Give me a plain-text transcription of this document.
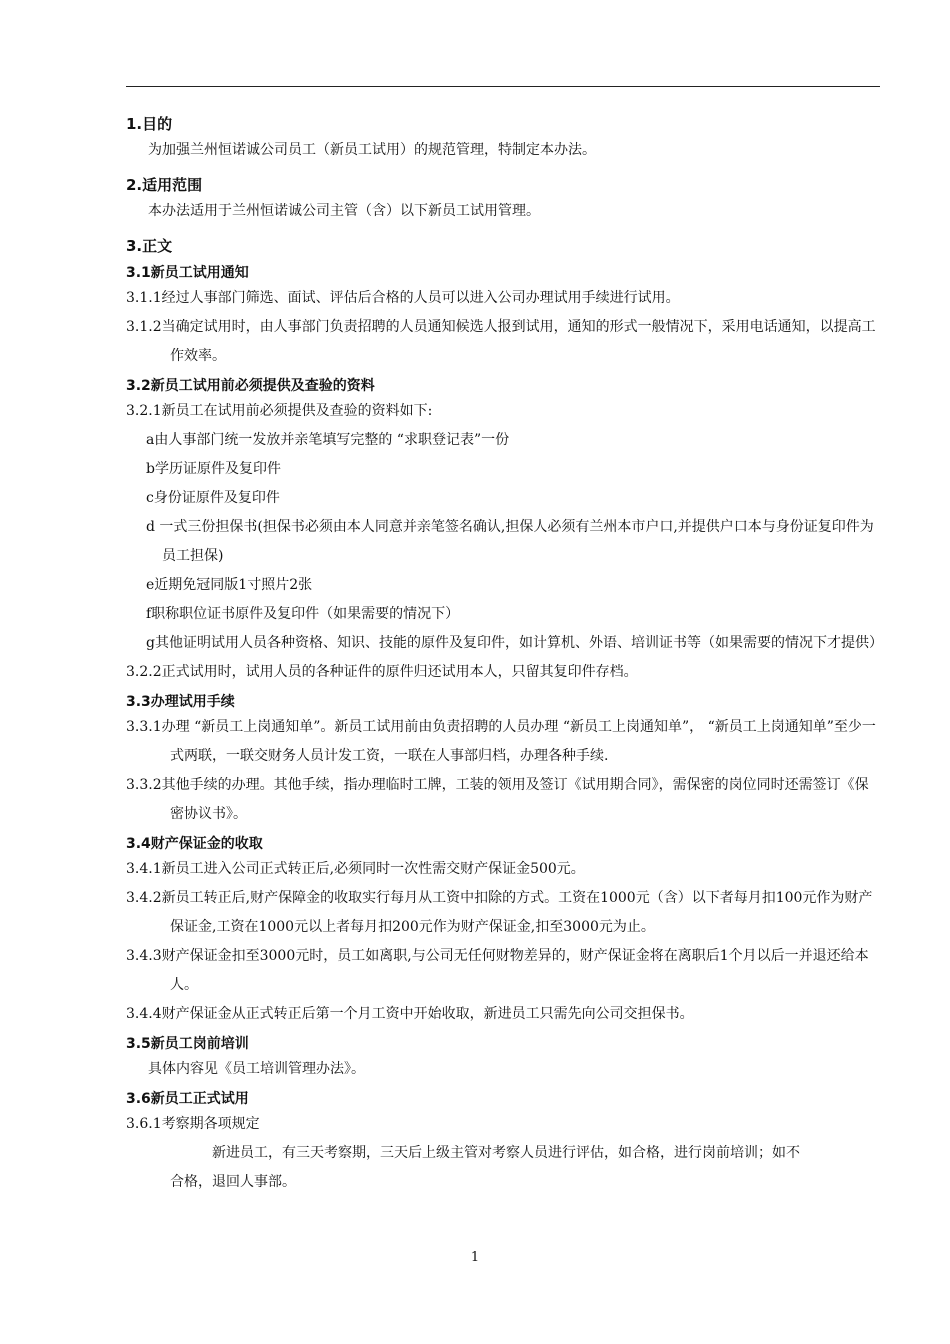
1.目的
为加强兰州恒诺诚公司员工（新员工试用）的规范管理，特制定本办法。
2.适用范围
本办法适用于兰州恒诺诚公司主管（含）以下新员工试用管理。
3.正文
3.1新员工试用通知
3.1.1经过人事部门筛选、面试、评估后合格的人员可以进入公司办理试用手续进行试用。
3.1.2当确定试用时，由人事部门负责招聘的人员通知候选人报到试用，通知的形式一般情况下，采用电话通知，以提高工作效率。
3.2新员工试用前必须提供及查验的资料
3.2.1新员工在试用前必须提供及查验的资料如下:
a由人事部门统一发放并亲笔填写完整的 “求职登记表”一份
b学历证原件及复印件
c身份证原件及复印件
d 一式三份担保书(担保书必须由本人同意并亲笔签名确认,担保人必须有兰州本市户口,并提供户口本与身份证复印件为员工担保)
e近期免冠同版1寸照片2张
f职称职位证书原件及复印件（如果需要的情况下）
g其他证明试用人员各种资格、知识、技能的原件及复印件，如计算机、外语、培训证书等（如果需要的情况下才提供）
3.2.2正式试用时，试用人员的各种证件的原件归还试用本人，只留其复印件存档。
3.3办理试用手续
3.3.1办理 “新员工上岗通知单”。新员工试用前由负责招聘的人员办理 “新员工上岗通知单”， “新员工上岗通知单”至少一式两联，一联交财务人员计发工资，一联在人事部归档，办理各种手续.
3.3.2其他手续的办理。其他手续，指办理临时工牌，工装的领用及签订《试用期合同》，需保密的岗位同时还需签订《保密协议书》。
3.4财产保证金的收取
3.4.1新员工进入公司正式转正后,必须同时一次性需交财产保证金500元。
3.4.2新员工转正后,财产保障金的收取实行每月从工资中扣除的方式。工资在1000元（含）以下者每月扣100元作为财产保证金,工资在1000元以上者每月扣200元作为财产保证金,扣至3000元为止。
3.4.3财产保证金扣至3000元时，员工如离职,与公司无任何财物差异的，财产保证金将在离职后1个月以后一并退还给本人。
3.4.4财产保证金从正式转正后第一个月工资中开始收取，新进员工只需先向公司交担保书。
3.5新员工岗前培训
具体内容见《员工培训管理办法》。
3.6新员工正式试用
3.6.1考察期各项规定
新进员工，有三天考察期，三天后上级主管对考察人员进行评估，如合格，进行岗前培训；如不
合格，退回人事部。
1
